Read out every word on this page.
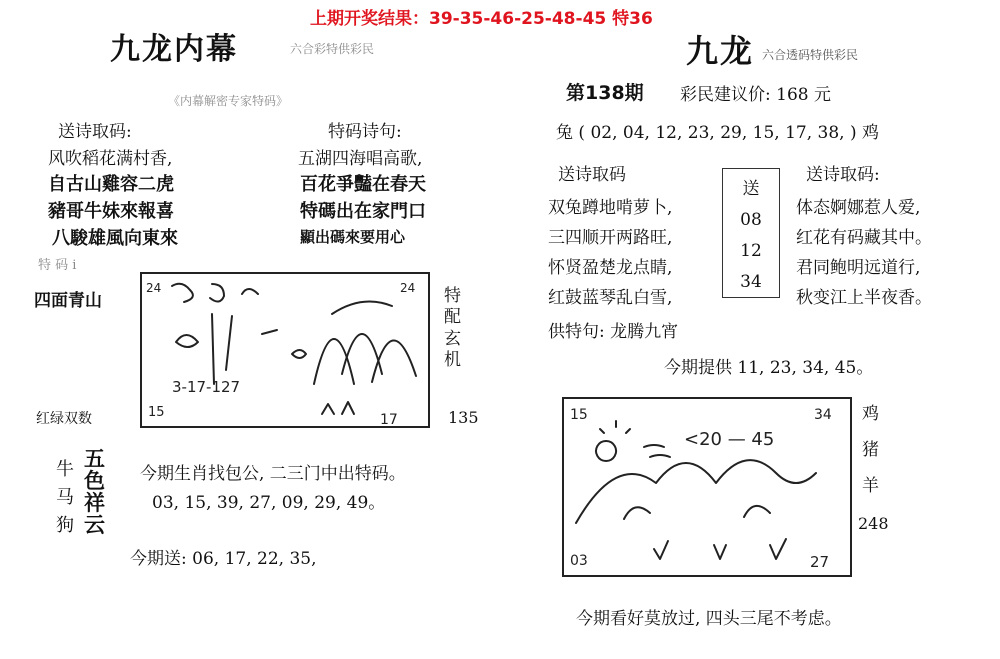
上期开奖结果：39-35-46-25-48-45 特36
九龙内幕	六合彩特供彩民
《内幕解密专家特码》
送诗取码:	特码诗句:
风吹稻花满村香,
自古山雞容二虎
豬哥牛妹來報喜
八駿雄風向東來
五湖四海唱高歌,
百花爭豔在春天
特碼出在家門口
顯出碼來要用心
特 码 i
四面青山
24	24
15	17
3-17-127
特
配
玄
机
135
红绿双数
牛
马
狗
五
色
祥
云
今期生肖找包公, 二三门中出特码。
03, 15, 39, 27, 09, 29, 49。
今期送: 06, 17, 22, 35,
九龙 六合透码特供彩民
第138期 彩民建议价: 168 元
兔 ( 02, 04, 12, 23, 29, 15, 17, 38, ) 鸡
送诗取码	送诗取码:
双兔蹲地啃萝卜,
三四顺开两路旺,
怀贤盈楚龙点睛,
红鼓蓝琴乱白雪,
送
08
12
34
体态婀娜惹人爱,
红花有码藏其中。
君同鲍明远道行,
秋变江上半夜香。
供特句: 龙腾九宵
今期提供 11, 23, 34, 45。
15	34
03	27
<20 — 45
鸡
猪
羊
248
今期看好莫放过, 四头三尾不考虑。
